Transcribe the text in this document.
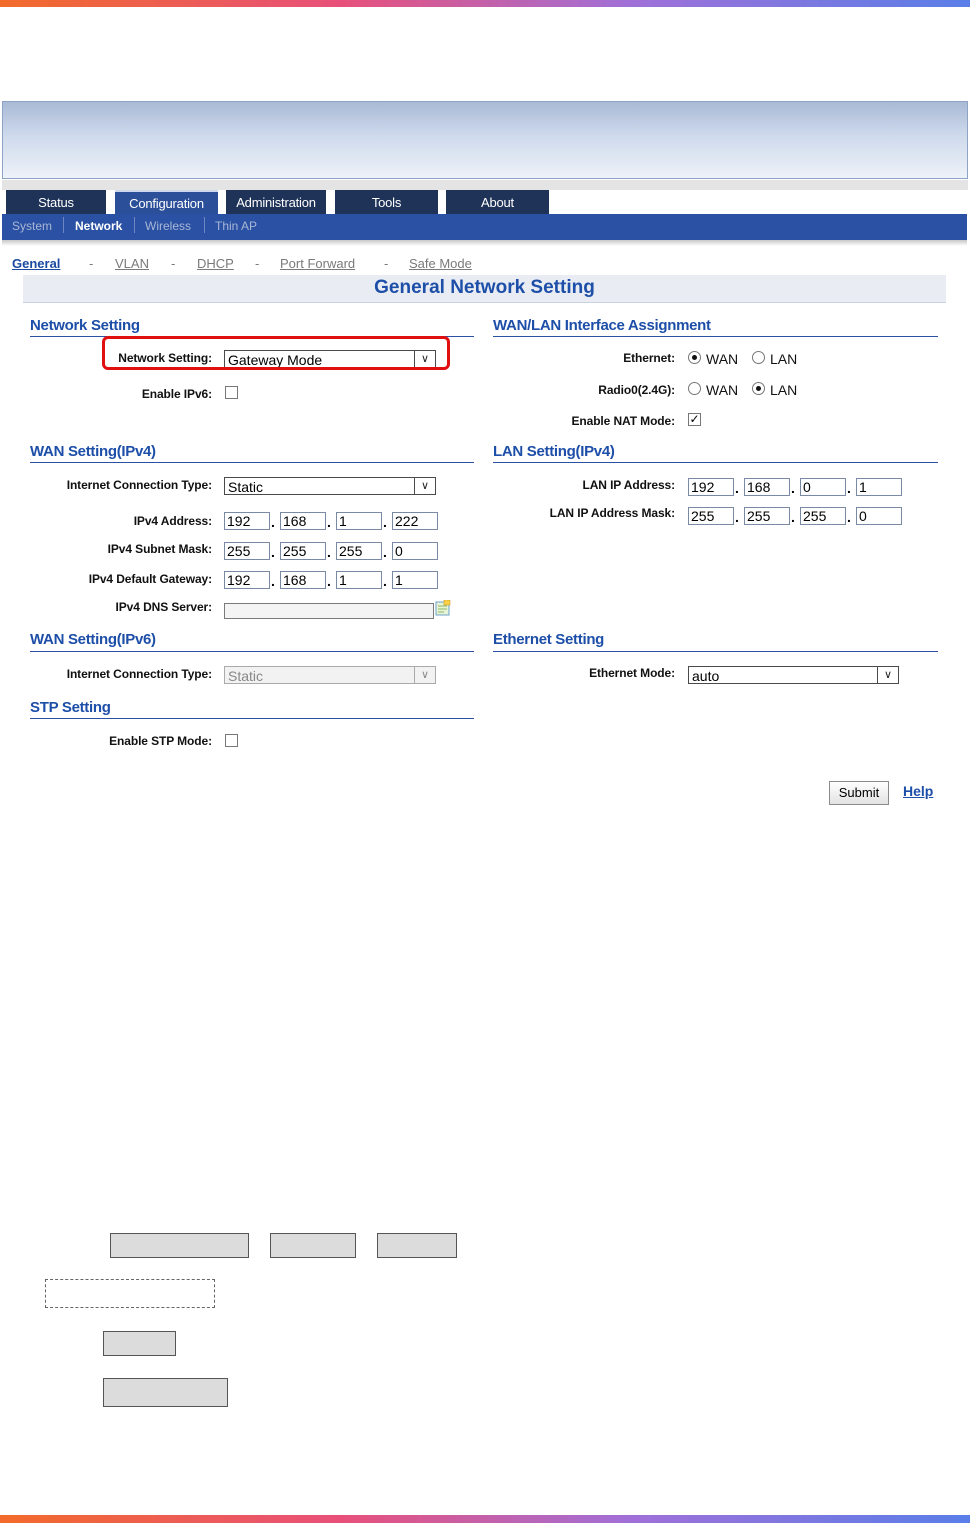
Status	Configuration	Administration	Tools	About
System Network Wireless Thin AP
General - VLAN - DHCP - Port Forward - Safe Mode
General Network Setting
Network Setting
Network Setting: Gateway Mode	∨
Enable IPv6:
WAN Setting(IPv4)
Internet Connection Type: Static	∨
IPv4 Address: 192	. 168	. 1	. 222
IPv4 Subnet Mask: 255	. 255	. 255	. 0
IPv4 Default Gateway: 192	. 168	. 1	. 1
IPv4 DNS Server:
WAN Setting(IPv6)
Internet Connection Type: Static	∨
STP Setting
Enable STP Mode:
WAN/LAN Interface Assignment
Ethernet: WAN LAN
Radio0(2.4G): WAN LAN
Enable NAT Mode: ✓
LAN Setting(IPv4)
LAN IP Address: 192	. 168	. 0	. 1
LAN IP Address Mask: 255	. 255	. 255	. 0
Ethernet Setting
Ethernet Mode: auto	∨
Submit	Help
